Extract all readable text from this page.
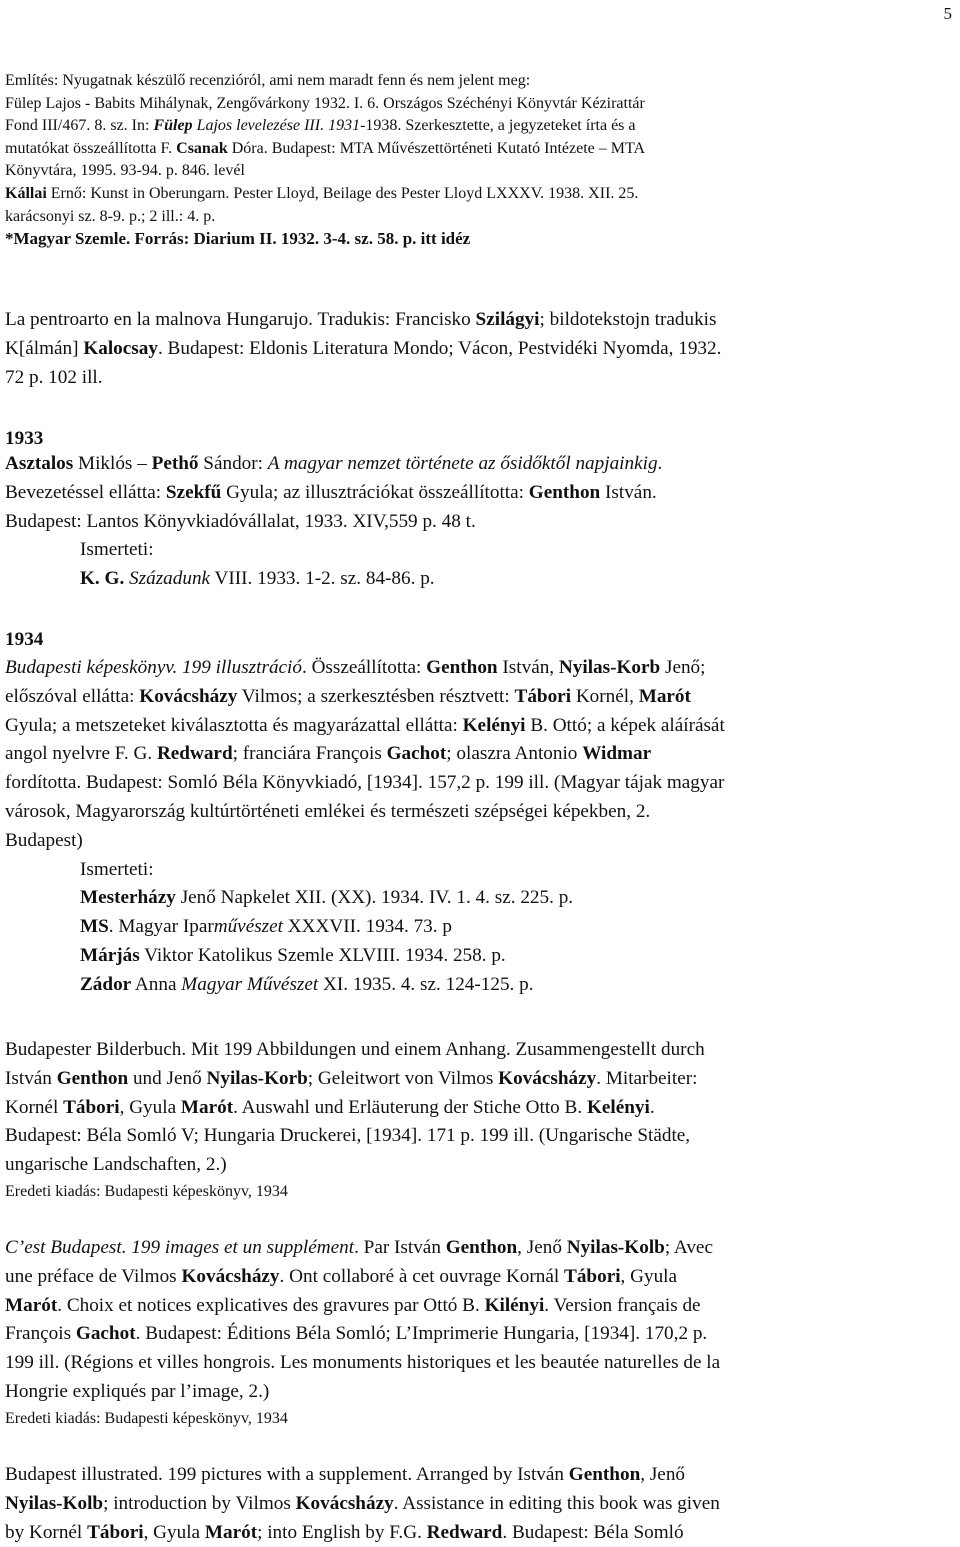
5
Említés: Nyugatnak készülő recenzióról, ami nem maradt fenn és nem jelent meg:
Fülep Lajos - Babits Mihálynak, Zengővárkony 1932. I. 6. Országos Széchényi Könyvtár Kézirattár
Fond III/467. 8. sz. In: Fülep Lajos levelezése III. 1931-1938. Szerkesztette, a jegyzeteket írta és a
mutatókat összeállította F. Csanak Dóra. Budapest: MTA Művészettörténeti Kutató Intézete – MTA
Könyvtára, 1995. 93-94. p. 846. levél
Kállai Ernő: Kunst in Oberungarn. Pester Lloyd, Beilage des Pester Lloyd LXXXV. 1938. XII. 25.
karácsonyi sz. 8-9. p.; 2 ill.: 4. p.
*Magyar Szemle. Forrás: Diarium II. 1932. 3-4. sz. 58. p. itt idéz
La pentroarto en la malnova Hungarujo. Tradukis: Francisko Szilágyi; bildotekstojn tradukis
K[álmán] Kalocsay. Budapest: Eldonis Literatura Mondo; Vácon, Pestvidéki Nyomda, 1932.
72 p. 102 ill.
1933
Asztalos Miklós – Pethő Sándor: A magyar nemzet története az ősidőktől napjainkig.
Bevezetéssel ellátta: Szekfű Gyula; az illusztrációkat összeállította: Genthon István.
Budapest: Lantos Könyvkiadóvállalat, 1933. XIV,559 p. 48 t.
Ismerteti:
K. G. Századunk VIII. 1933. 1-2. sz. 84-86. p.
1934
Budapesti képeskönyv. 199 illusztráció. Összeállította: Genthon István, Nyilas-Korb Jenő;
előszóval ellátta: Kovácsházy Vilmos; a szerkesztésben résztvett: Tábori Kornél, Marót
Gyula; a metszeteket kiválasztotta és magyarázattal ellátta: Kelényi B. Ottó; a képek aláírását
angol nyelvre F. G. Redward; franciára François Gachot; olaszra Antonio Widmar
fordította. Budapest: Somló Béla Könyvkiadó, [1934]. 157,2 p. 199 ill. (Magyar tájak magyar
városok, Magyarország kultúrtörténeti emlékei és természeti szépségei képekben, 2.
Budapest)
Ismerteti:
Mesterházy Jenő Napkelet XII. (XX). 1934. IV. 1. 4. sz. 225. p.
MS. Magyar Iparművészet XXXVII. 1934. 73. p
Márjás Viktor Katolikus Szemle XLVIII. 1934. 258. p.
Zádor Anna Magyar Művészet XI. 1935. 4. sz. 124-125. p.
Budapester Bilderbuch. Mit 199 Abbildungen und einem Anhang. Zusammengestellt durch
István Genthon und Jenő Nyilas-Korb; Geleitwort von Vilmos Kovácsházy. Mitarbeiter:
Kornél Tábori, Gyula Marót. Auswahl und Erläuterung der Stiche Otto B. Kelényi.
Budapest: Béla Somló V; Hungaria Druckerei, [1934]. 171 p. 199 ill. (Ungarische Städte,
ungarische Landschaften, 2.)
Eredeti kiadás: Budapesti képeskönyv, 1934
C’est Budapest. 199 images et un supplément. Par István Genthon, Jenő Nyilas-Kolb; Avec
une préface de Vilmos Kovácsházy. Ont collaboré à cet ouvrage Kornál Tábori, Gyula
Marót. Choix et notices explicatives des gravures par Ottó B. Kilényi. Version français de
François Gachot. Budapest: Éditions Béla Somló; L’Imprimerie Hungaria, [1934]. 170,2 p.
199 ill. (Régions et villes hongrois. Les monuments historiques et les beautée naturelles de la
Hongrie expliqués par l’image, 2.)
Eredeti kiadás: Budapesti képeskönyv, 1934
Budapest illustrated. 199 pictures with a supplement. Arranged by István Genthon, Jenő
Nyilas-Kolb; introduction by Vilmos Kovácsházy. Assistance in editing this book was given
by Kornél Tábori, Gyula Marót; into English by F.G. Redward. Budapest: Béla Somló
